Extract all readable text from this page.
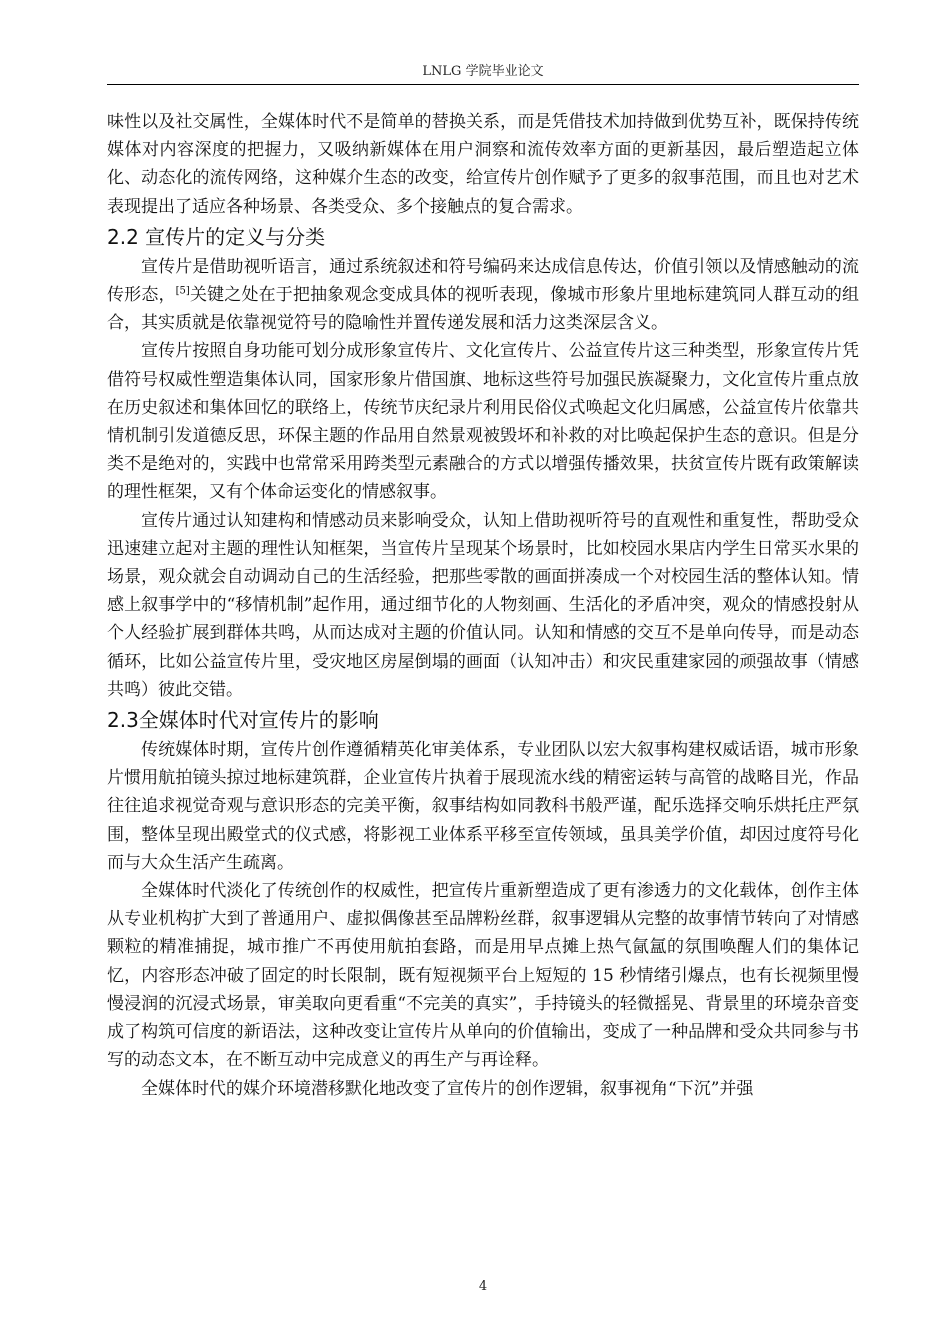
LNLG 学院毕业论文

味性以及社交属性，全媒体时代不是简单的替换关系，而是凭借技术加持做到优势互补，既保持传统媒体对内容深度的把握力，又吸纳新媒体在用户洞察和流传效率方面的更新基因，最后塑造起立体化、动态化的流传网络，这种媒介生态的改变，给宣传片创作赋予了更多的叙事范围，而且也对艺术表现提出了适应各种场景、各类受众、多个接触点的复合需求。

2.2 宣传片的定义与分类

宣传片是借助视听语言，通过系统叙述和符号编码来达成信息传达，价值引领以及情感触动的流传形态，[5]关键之处在于把抽象观念变成具体的视听表现，像城市形象片里地标建筑同人群互动的组合，其实质就是依靠视觉符号的隐喻性并置传递发展和活力这类深层含义。

宣传片按照自身功能可划分成形象宣传片、文化宣传片、公益宣传片这三种类型，形象宣传片凭借符号权威性塑造集体认同，国家形象片借国旗、地标这些符号加强民族凝聚力，文化宣传片重点放在历史叙述和集体回忆的联络上，传统节庆纪录片利用民俗仪式唤起文化归属感，公益宣传片依靠共情机制引发道德反思，环保主题的作品用自然景观被毁坏和补救的对比唤起保护生态的意识。但是分类不是绝对的，实践中也常常采用跨类型元素融合的方式以增强传播效果，扶贫宣传片既有政策解读的理性框架，又有个体命运变化的情感叙事。

宣传片通过认知建构和情感动员来影响受众，认知上借助视听符号的直观性和重复性，帮助受众迅速建立起对主题的理性认知框架，当宣传片呈现某个场景时，比如校园水果店内学生日常买水果的场景，观众就会自动调动自己的生活经验，把那些零散的画面拼凑成一个对校园生活的整体认知。情感上叙事学中的“移情机制”起作用，通过细节化的人物刻画、生活化的矛盾冲突，观众的情感投射从个人经验扩展到群体共鸣，从而达成对主题的价值认同。认知和情感的交互不是单向传导，而是动态循环，比如公益宣传片里，受灾地区房屋倒塌的画面（认知冲击）和灾民重建家园的顽强故事（情感共鸣）彼此交错。

2.3全媒体时代对宣传片的影响

传统媒体时期，宣传片创作遵循精英化审美体系，专业团队以宏大叙事构建权威话语，城市形象片惯用航拍镜头掠过地标建筑群，企业宣传片执着于展现流水线的精密运转与高管的战略目光，作品往往追求视觉奇观与意识形态的完美平衡，叙事结构如同教科书般严谨，配乐选择交响乐烘托庄严氛围，整体呈现出殿堂式的仪式感，将影视工业体系平移至宣传领域，虽具美学价值，却因过度符号化而与大众生活产生疏离。

全媒体时代淡化了传统创作的权威性，把宣传片重新塑造成了更有渗透力的文化载体，创作主体从专业机构扩大到了普通用户、虚拟偶像甚至品牌粉丝群，叙事逻辑从完整的故事情节转向了对情感颗粒的精准捕捉，城市推广不再使用航拍套路，而是用早点摊上热气氤氲的氛围唤醒人们的集体记忆，内容形态冲破了固定的时长限制，既有短视频平台上短短的 15 秒情绪引爆点，也有长视频里慢慢浸润的沉浸式场景，审美取向更看重“不完美的真实”，手持镜头的轻微摇晃、背景里的环境杂音变成了构筑可信度的新语法，这种改变让宣传片从单向的价值输出，变成了一种品牌和受众共同参与书写的动态文本，在不断互动中完成意义的再生产与再诠释。

全媒体时代的媒介环境潜移默化地改变了宣传片的创作逻辑，叙事视角“下沉”并强

4
